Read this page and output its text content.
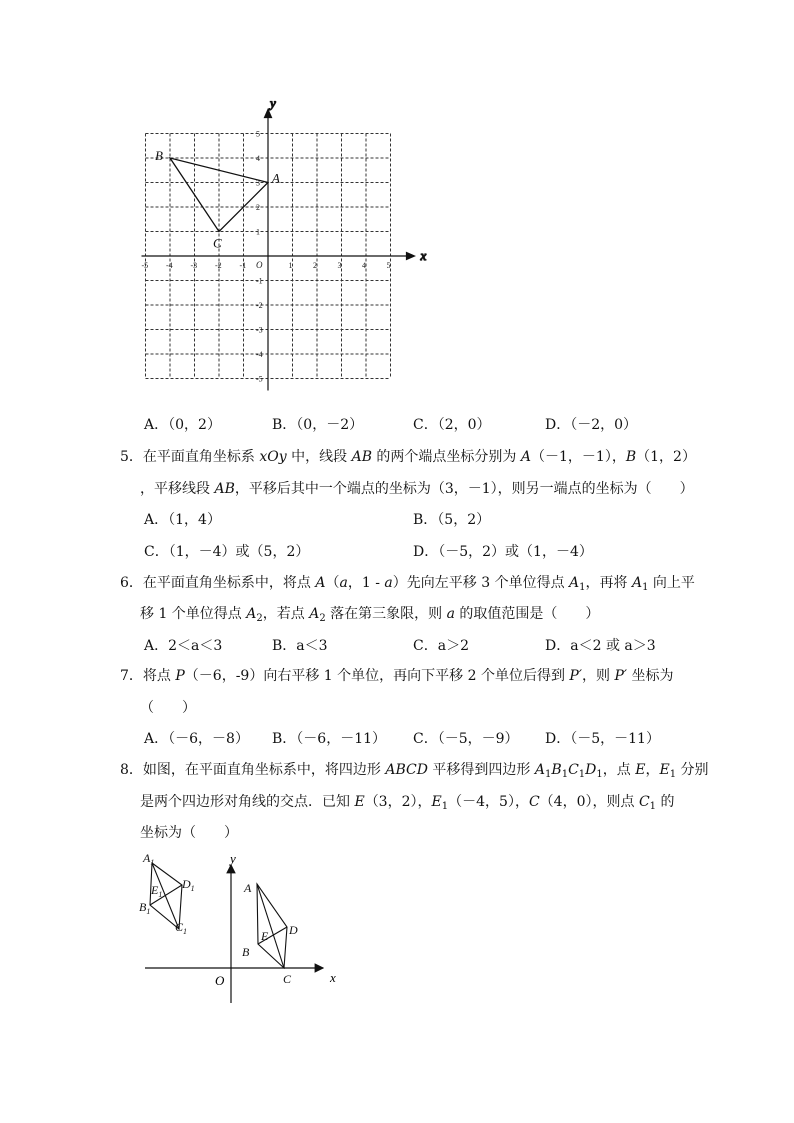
x
y
-5 -4 -3 -2 -1	1	2	3	4	5
5
4
3
2
1
-1
-2
-3
-4
-5
O
A
B
C
A．（0，2）	B．（0，－2）	C．（2，0）	D．（－2，0）
5．在平面直角坐标系 xOy 中，线段 AB 的两个端点坐标分别为 A（－1，－1），B（1，2）
，平移线段 AB，平移后其中一个端点的坐标为（3，－1），则另一端点的坐标为（　　）
A．（1，4）	B．（5，2）
C．（1，－4）或（5，2）	D．（－5，2）或（1，－4）
6．在平面直角坐标系中，将点 A（a，1 - a）先向左平移 3 个单位得点 $A_1$，再将 $A_1$ 向上平
移 1 个单位得点 $A_2$，若点 $A_2$ 落在第三象限，则 a 的取值范围是（　　）
A．2＜a＜3	B．a＜3	C．a＞2	D．a＜2 或 a＞3
7．将点 P（－6，-9）向右平移 1 个单位，再向下平移 2 个单位后得到 P′，则 P′ 坐标为
（　　）
A．（－6，－8） B．（－6，－11） C．（－5，－9） D．（－5，－11）
8．如图，在平面直角坐标系中，将四边形 ABCD 平移得到四边形 $A_1B_1C_1D_1$，点 E，$E_1$ 分别
是两个四边形对角线的交点．已知 E（3，2），$E_1(-4$，5），C（4，0），则点 $C_1$ 的
坐标为（　　）
x
y
O
$A_1$
$B_1$
$C_1$
$D_1$
$E_1$	A
B
C
D
E
